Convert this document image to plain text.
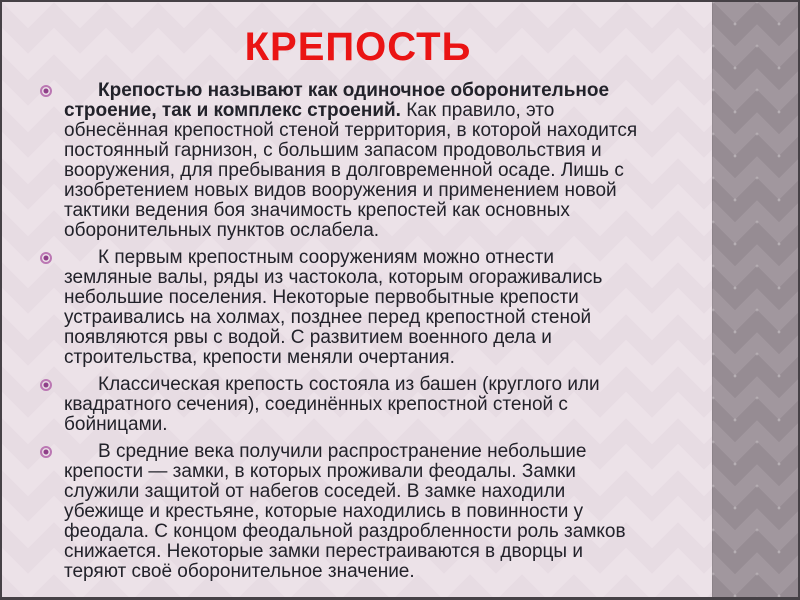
КРЕПОСТЬ
Крепостью называют как одиночное оборонительное строение, так и комплекс строений. Как правило, это обнесённая крепостной стеной территория, в которой находится постоянный гарнизон, с большим запасом продовольствия и вооружения, для пребывания в долговременной осаде. Лишь с изобретением новых видов вооружения и применением новой тактики ведения боя значимость крепостей как основных оборонительных пунктов ослабела.
К первым крепостным сооружениям можно отнести земляные валы, ряды из частокола, которым огораживались небольшие поселения. Некоторые первобытные крепости устраивались на холмах, позднее перед крепостной стеной появляются рвы с водой. С развитием военного дела и строительства, крепости меняли очертания.
Классическая крепость состояла из башен (круглого или квадратного сечения), соединённых крепостной стеной с бойницами.
В средние века получили распространение небольшие крепости — замки, в которых проживали феодалы. Замки служили защитой от набегов соседей. В замке находили убежище и крестьяне, которые находились в повинности у феодала. С концом феодальной раздробленности роль замков снижается. Некоторые замки перестраиваются в дворцы и теряют своё оборонительное значение.
